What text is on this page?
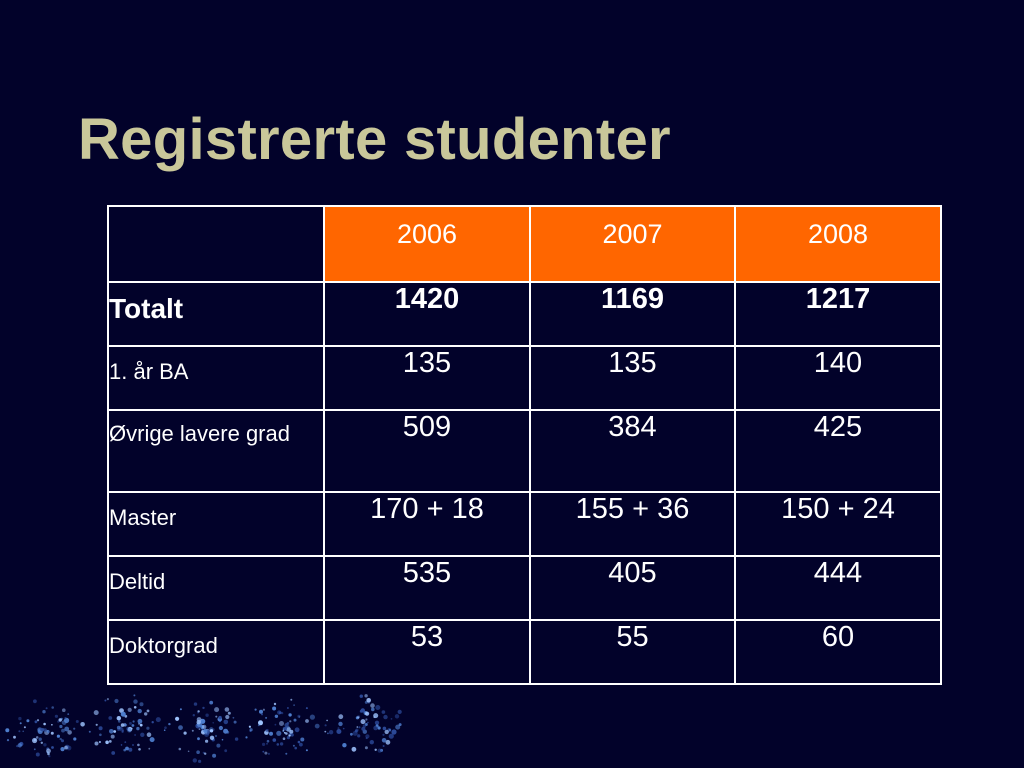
Registrerte studenter
	2006	2007	2008
Totalt	1420	1169	1217
1. år BA	135	135	140
Øvrige lavere grad	509	384	425
Master	170 + 18	155 + 36	150 + 24
Deltid	535	405	444
Doktorgrad	53	55	60
